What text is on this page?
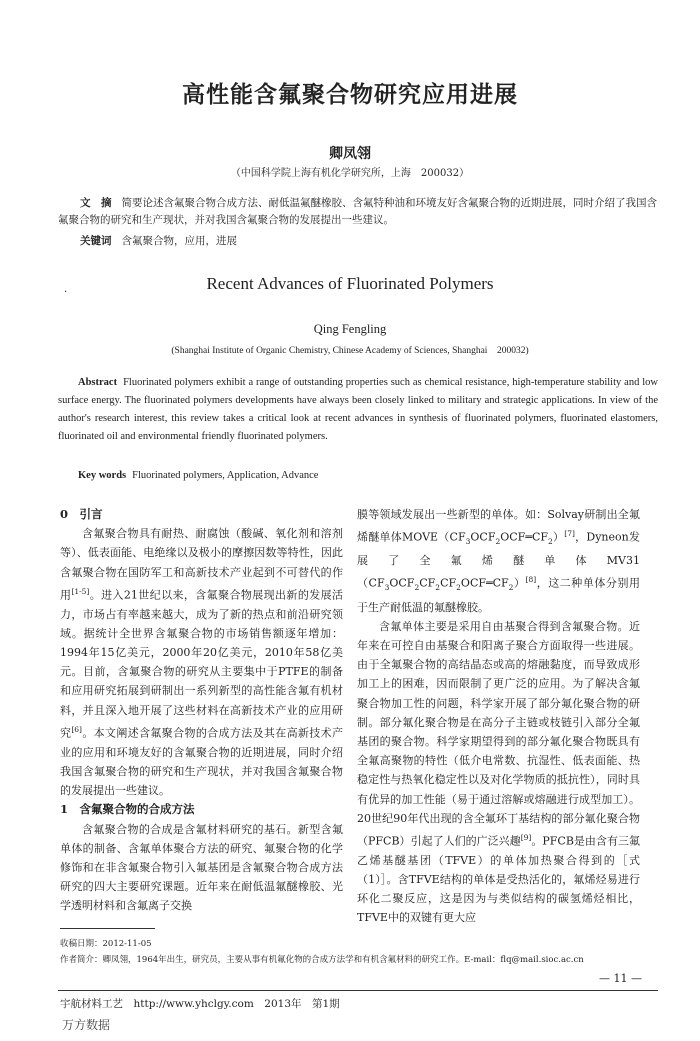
高性能含氟聚合物研究应用进展
卿凤翎
（中国科学院上海有机化学研究所，上海　200032）
文　摘 简要论述含氟聚合物合成方法、耐低温氟醚橡胶、含氟特种油和环境友好含氟聚合物的近期进展，同时介绍了我国含氟聚合物的研究和生产现状，并对我国含氟聚合物的发展提出一些建议。
关键词 含氟聚合物，应用，进展
·	Recent Advances of Fluorinated Polymers
Qing Fengling
(Shanghai Institute of Organic Chemistry, Chinese Academy of Sciences, Shanghai　200032)
Abstract Fluorinated polymers exhibit a range of outstanding properties such as chemical resistance, high-temperature stability and low surface energy. The fluorinated polymers developments have always been closely linked to military and strategic applications. In view of the author's research interest, this review takes a critical look at recent advances in synthesis of fluorinated polymers, fluorinated elastomers, fluorinated oil and environmental friendly fluorinated polymers.
Key words Fluorinated polymers, Application, Advance
0　引言

含氟聚合物具有耐热、耐腐蚀（酸碱、氧化剂和溶剂等）、低表面能、电绝缘以及极小的摩擦因数等特性，因此含氟聚合物在国防军工和高新技术产业起到不可替代的作用[1-5]。进入21世纪以来，含氟聚合物展现出新的发展活力，市场占有率越来越大，成为了新的热点和前沿研究领域。据统计全世界含氟聚合物的市场销售额逐年增加：1994年15亿美元，2000年20亿美元，2010年58亿美元。目前，含氟聚合物的研究从主要集中于PTFE的制备和应用研究拓展到研制出一系列新型的高性能含氟有机材料，并且深入地开展了这些材料在高新技术产业的应用研究[6]。本文阐述含氟聚合物的合成方法及其在高新技术产业的应用和环境友好的含氟聚合物的近期进展，同时介绍我国含氟聚合物的研究和生产现状，并对我国含氟聚合物的发展提出一些建议。

1　含氟聚合物的合成方法

含氟聚合物的合成是含氟材料研究的基石。新型含氟单体的制备、含氟单体聚合方法的研究、氟聚合物的化学修饰和在非含氟聚合物引入氟基团是含氟聚合物合成方法研究的四大主要研究课题。近年来在耐低温氟醚橡胶、光学透明材料和含氟离子交换

膜等领域发展出一些新型的单体。如：Solvay研制出全氟烯醚单体$MOVE(CF_3OCF_2OCF═CF_2)[7]$，Dyneon发展了全氟烯醚单体$MV31(CF_3OCF_2CF_2CF_2OCF═CF_2)[8]$，这二种单体分别用于生产耐低温的氟醚橡胶。

含氟单体主要是采用自由基聚合得到含氟聚合物。近年来在可控自由基聚合和阳离子聚合方面取得一些进展。由于全氟聚合物的高结晶态或高的熔融黏度，而导致成形加工上的困难，因而限制了更广泛的应用。为了解决含氟聚合物加工性的问题，科学家开展了部分氟化聚合物的研制。部分氟化聚合物是在高分子主链或枝链引入部分全氟基团的聚合物。科学家期望得到的部分氟化聚合物既具有全氟高聚物的特性（低介电常数、抗湿性、低表面能、热稳定性与热氧化稳定性以及对化学物质的抵抗性），同时具有优异的加工性能（易于通过溶解或熔融进行成型加工）。20世纪90年代出现的含全氟环丁基结构的部分氟化聚合物（PFCB）引起了人们的广泛兴趣[9]。PFCB是由含有三氟乙烯基醚基团（TFVE）的单体加热聚合得到的［式（1）］。含TFVE结构的单体是受热活化的，氟烯烃易进行环化二聚反应，这是因为与类似结构的碳氢烯烃相比，TFVE中的双键有更大应

收稿日期：2012-11-05
作者简介：卿凤翎，1964年出生，研究员，主要从事有机氟化物的合成方法学和有机含氟材料的研究工作。E-mail：flq@mail.sioc.ac.cn
— 11 —
宇航材料工艺　http://www.yhclgy.com　2013年　第1期
万方数据
